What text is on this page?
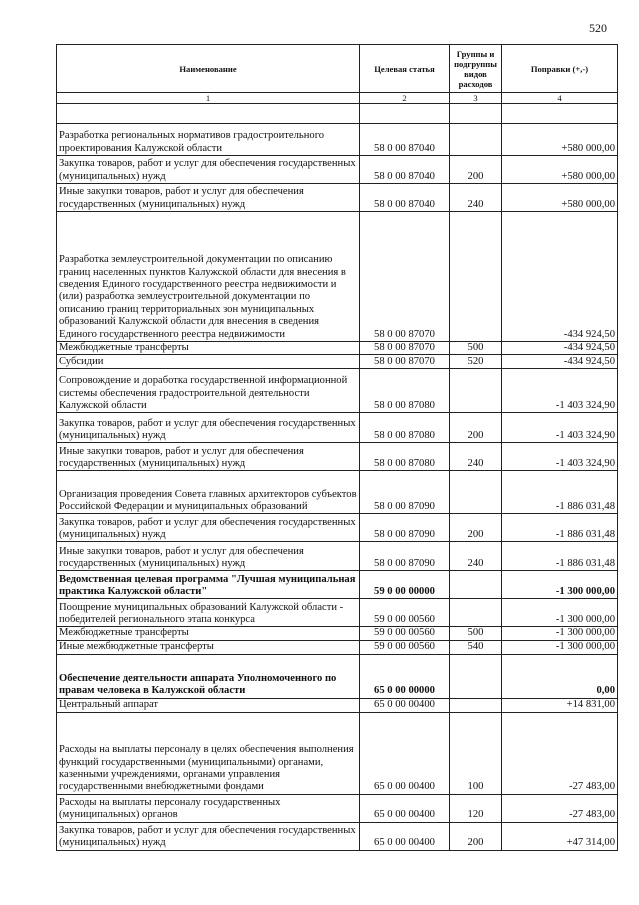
520
Наименование	Целевая статья	Группы и подгруппы видов расходов	Поправки (+,-)
1	2	3	4

Разработка региональных нормативов градостроительного проектирования Калужской области	58 0 00 87040		+580 000,00
Закупка товаров, работ и услуг для обеспечения государственных (муниципальных) нужд	58 0 00 87040	200	+580 000,00
Иные закупки товаров, работ и услуг для обеспечения государственных (муниципальных) нужд	58 0 00 87040	240	+580 000,00
Разработка землеустроительной документации по описанию границ населенных пунктов Калужской области для внесения в сведения Единого государственного реестра недвижимости и (или) разработка землеустроительной документации по описанию границ территориальных зон муниципальных образований Калужской области для внесения в сведения Единого государственного реестра недвижимости	58 0 00 87070		-434 924,50
Межбюджетные трансферты	58 0 00 87070	500	-434 924,50
Субсидии	58 0 00 87070	520	-434 924,50
Сопровождение и доработка государственной информационной системы обеспечения градостроительной деятельности Калужской области	58 0 00 87080		-1 403 324,90
Закупка товаров, работ и услуг для обеспечения государственных (муниципальных) нужд	58 0 00 87080	200	-1 403 324,90
Иные закупки товаров, работ и услуг для обеспечения государственных (муниципальных) нужд	58 0 00 87080	240	-1 403 324,90
Организация проведения Совета главных архитекторов субъектов Российской Федерации и муниципальных образований	58 0 00 87090		-1 886 031,48
Закупка товаров, работ и услуг для обеспечения государственных (муниципальных) нужд	58 0 00 87090	200	-1 886 031,48
Иные закупки товаров, работ и услуг для обеспечения государственных (муниципальных) нужд	58 0 00 87090	240	-1 886 031,48
Ведомственная целевая программа "Лучшая муниципальная практика Калужской области"	59 0 00 00000		-1 300 000,00
Поощрение муниципальных образований Калужской области - победителей регионального этапа конкурса	59 0 00 00560		-1 300 000,00
Межбюджетные трансферты	59 0 00 00560	500	-1 300 000,00
Иные межбюджетные трансферты	59 0 00 00560	540	-1 300 000,00
Обеспечение деятельности аппарата Уполномоченного по правам человека в Калужской области	65 0 00 00000		0,00
Центральный аппарат	65 0 00 00400		+14 831,00
Расходы на выплаты персоналу в целях обеспечения выполнения функций государственными (муниципальными) органами, казенными учреждениями, органами управления государственными внебюджетными фондами	65 0 00 00400	100	-27 483,00
Расходы на выплаты персоналу государственных (муниципальных) органов	65 0 00 00400	120	-27 483,00
Закупка товаров, работ и услуг для обеспечения государственных (муниципальных) нужд	65 0 00 00400	200	+47 314,00
